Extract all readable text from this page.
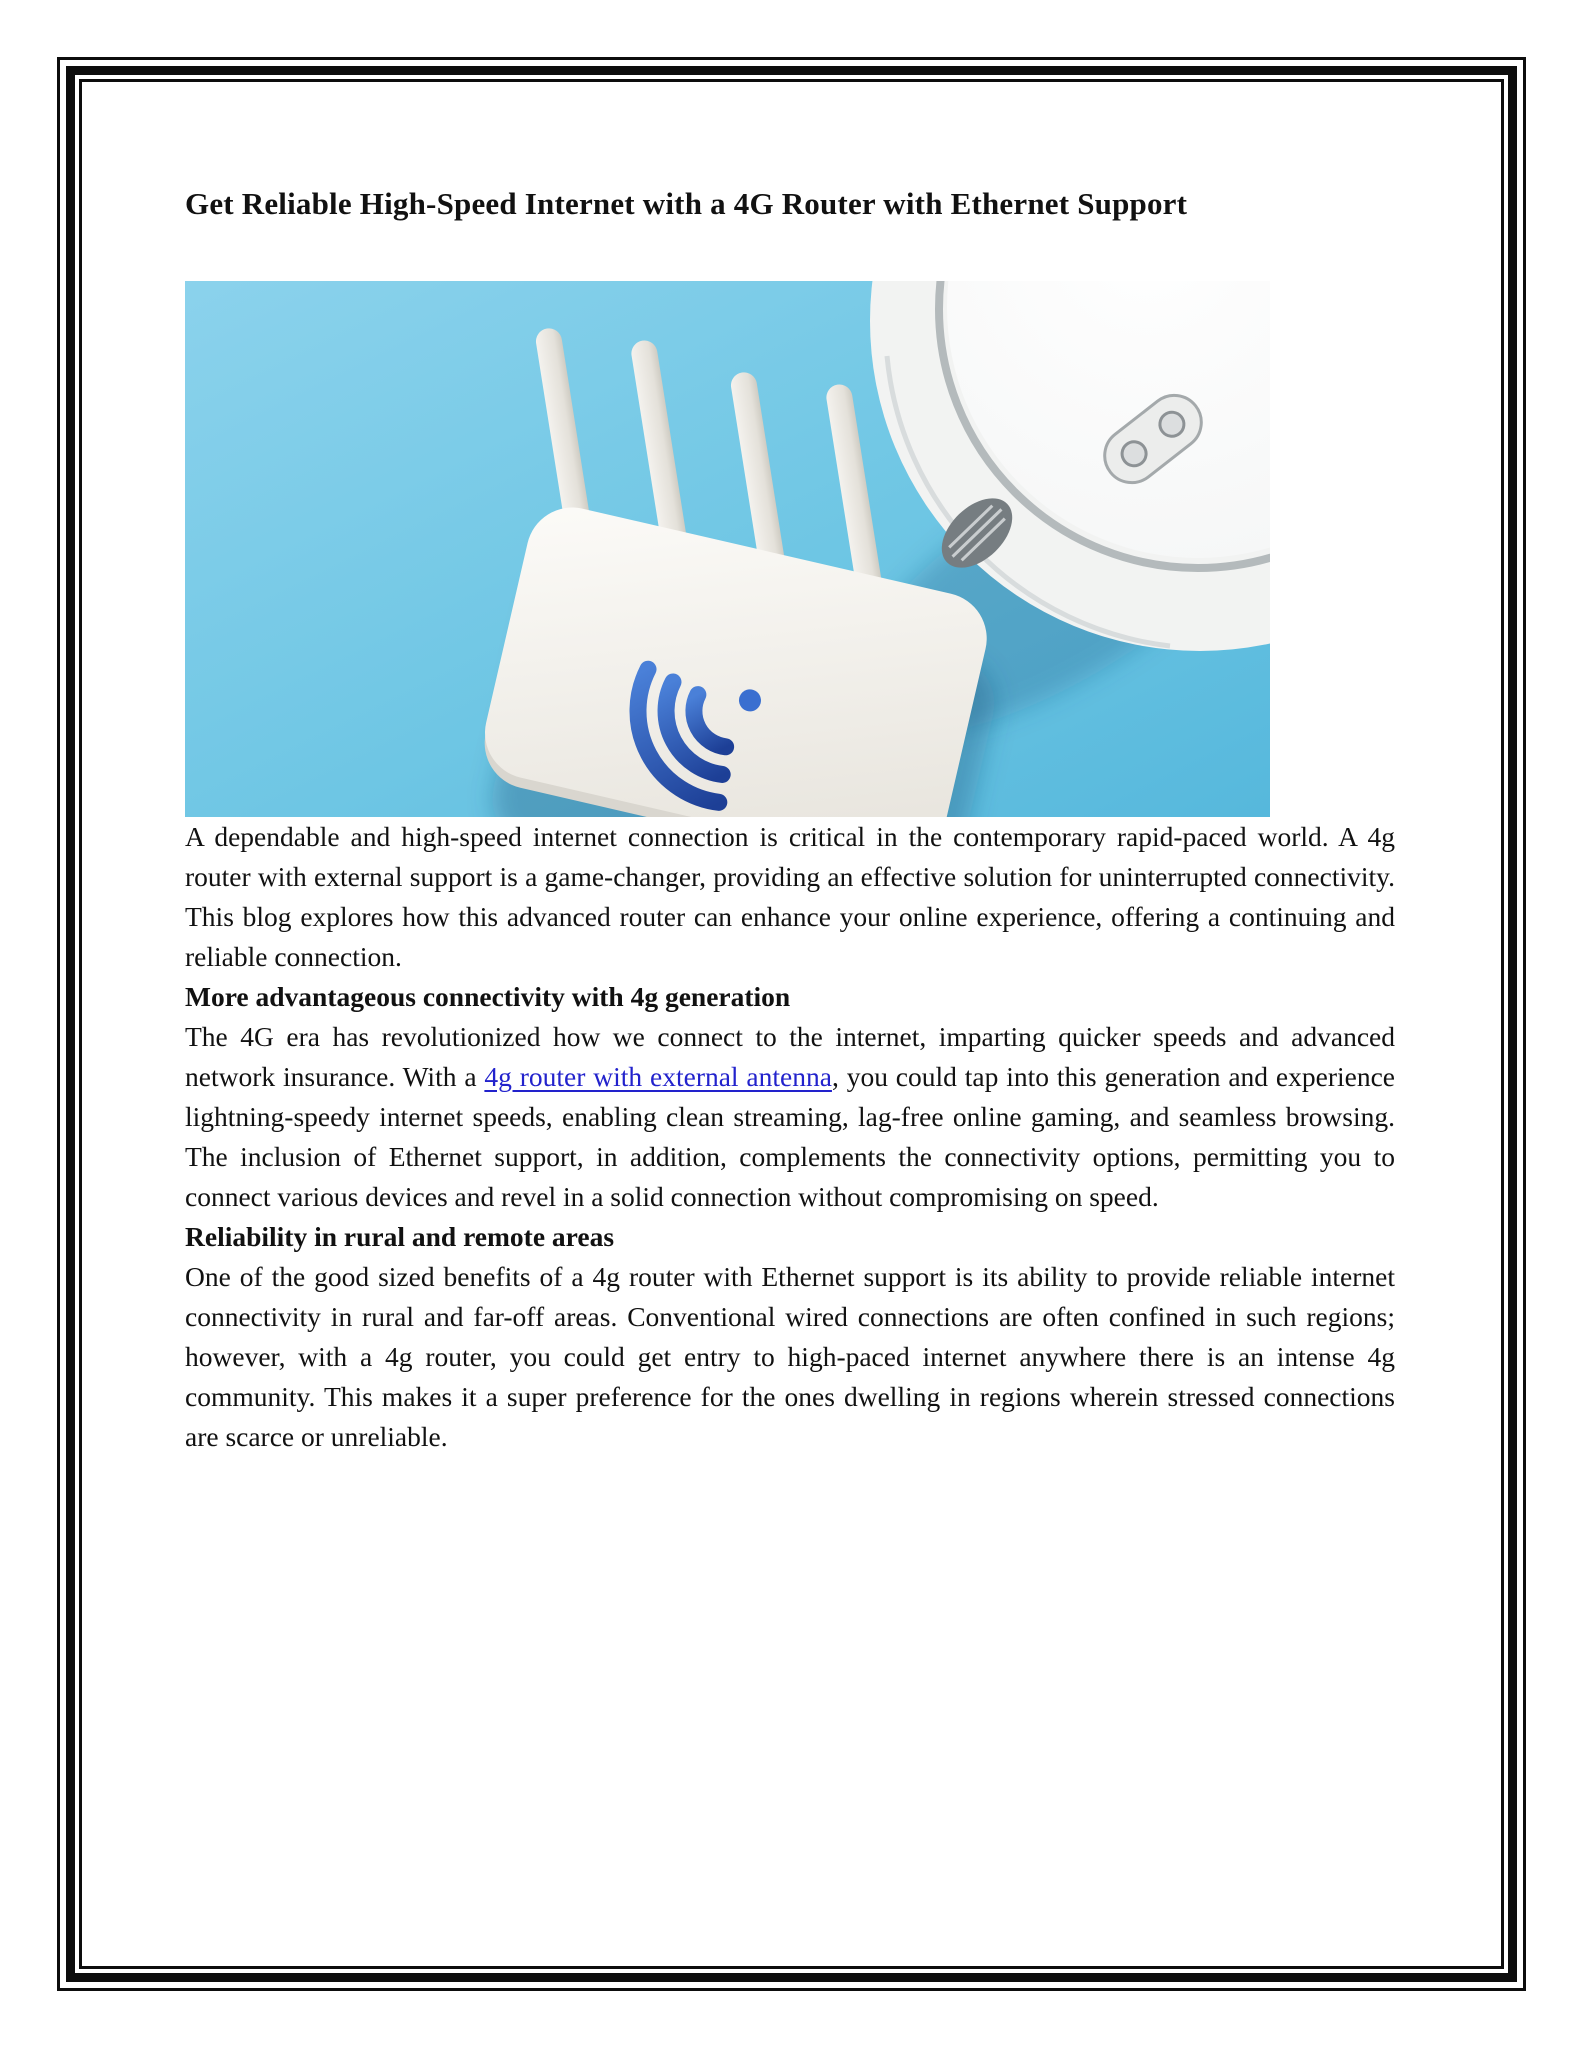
Get Reliable High-Speed Internet with a 4G Router with Ethernet Support

A dependable and high-speed internet connection is critical in the contemporary rapid-paced world. A 4g router with external support is a game-changer, providing an effective solution for uninterrupted connectivity. This blog explores how this advanced router can enhance your online experience, offering a continuing and reliable connection.

More advantageous connectivity with 4g generation

The 4G era has revolutionized how we connect to the internet, imparting quicker speeds and advanced network insurance. With a 4g router with external antenna, you could tap into this generation and experience lightning-speedy internet speeds, enabling clean streaming, lag-free online gaming, and seamless browsing. The inclusion of Ethernet support, in addition, complements the connectivity options, permitting you to connect various devices and revel in a solid connection without compromising on speed.

Reliability in rural and remote areas

One of the good sized benefits of a 4g router with Ethernet support is its ability to provide reliable internet connectivity in rural and far-off areas. Conventional wired connections are often confined in such regions; however, with a 4g router, you could get entry to high-paced internet anywhere there is an intense 4g community. This makes it a super preference for the ones dwelling in regions wherein stressed connections are scarce or unreliable.
